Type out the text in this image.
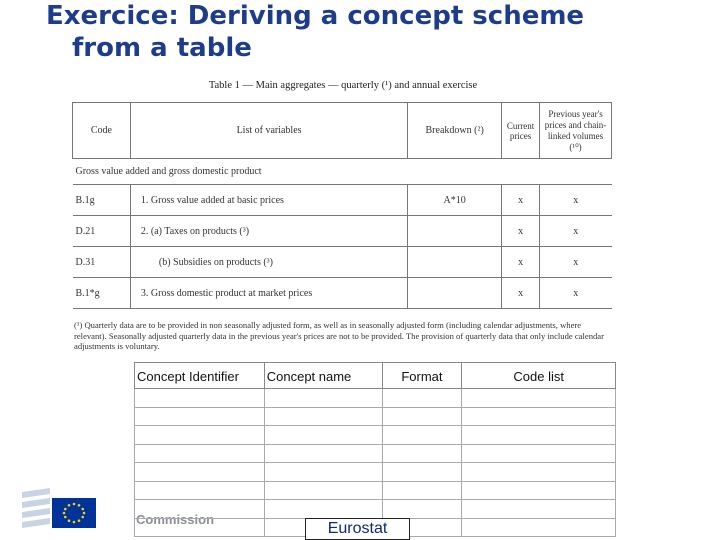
Exercice: Deriving a concept scheme
from a table
Table 1 — Main aggregates — quarterly (¹) and annual exercise
Code	List of variables	Breakdown (²)	Current prices	Previous year's prices and chain-linked volumes (¹⁰)
Gross value added and gross domestic product				
B.1g	1. Gross value added at basic prices	A*10	x	x
D.21	2. (a) Taxes on products (³)		x	x
D.31	(b) Subsidies on products (³)		x	x
B.1*g	3. Gross domestic product at market prices		x	x
(¹) Quarterly data are to be provided in non seasonally adjusted form, as well as in seasonally adjusted form (including calendar adjustments, where relevant). Seasonally adjusted quarterly data in the previous year's prices are not to be provided. The provision of quarterly data that only include calendar adjustments is voluntary.
Commission
Concept Identifier	Concept name	Format	Code list

Eurostat
